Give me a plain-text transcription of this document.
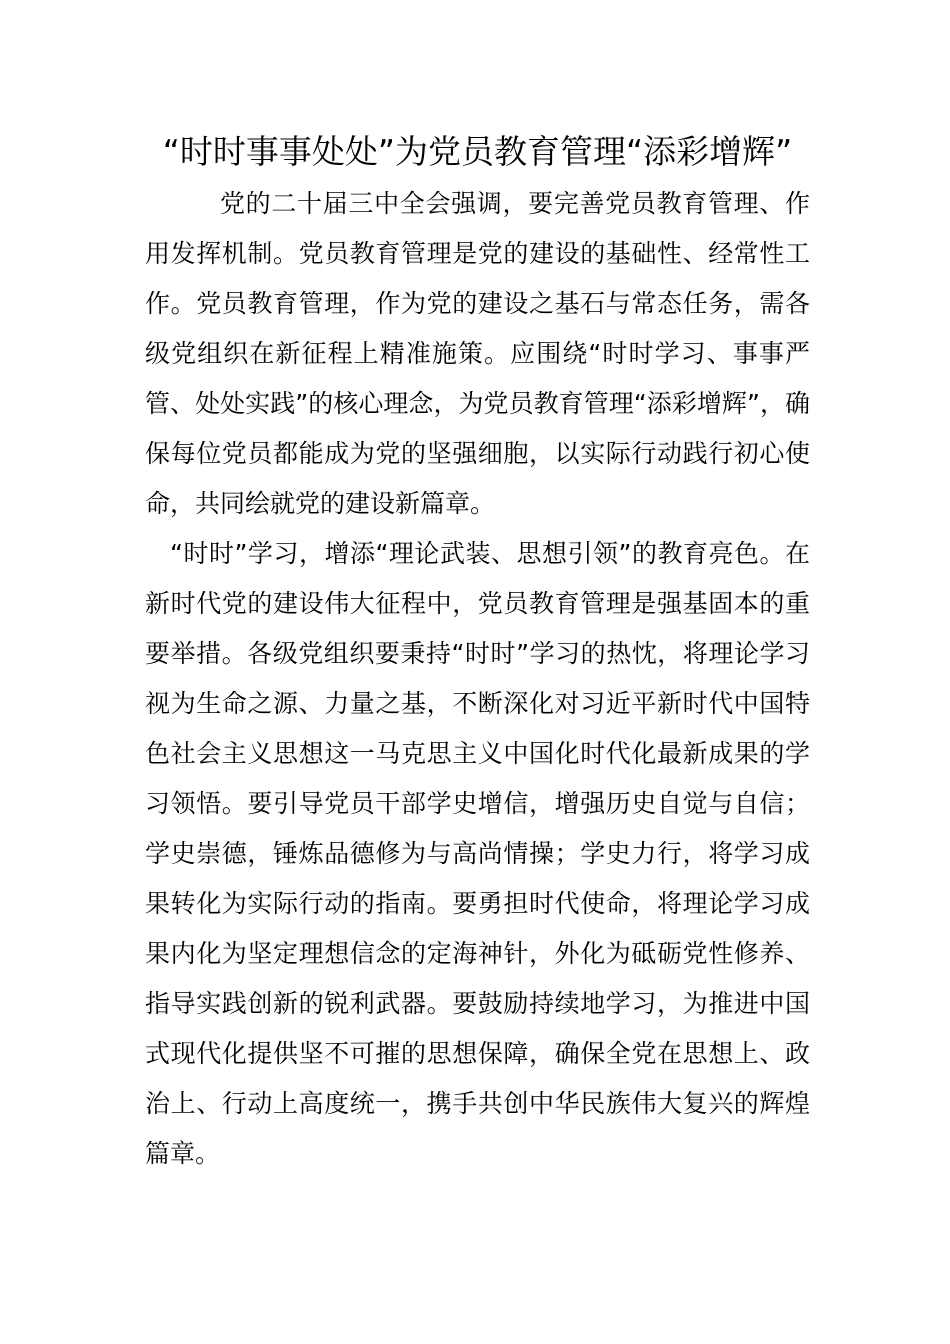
“时时事事处处”为党员教育管理“添彩增辉”

党的二十届三中全会强调，要完善党员教育管理、作用发挥机制。党员教育管理是党的建设的基础性、经常性工作。党员教育管理，作为党的建设之基石与常态任务，需各级党组织在新征程上精准施策。应围绕“时时学习、事事严管、处处实践”的核心理念，为党员教育管理“添彩增辉”，确保每位党员都能成为党的坚强细胞，以实际行动践行初心使命，共同绘就党的建设新篇章。

“时时”学习，增添“理论武装、思想引领”的教育亮色。在新时代党的建设伟大征程中，党员教育管理是强基固本的重要举措。各级党组织要秉持“时时”学习的热忱，将理论学习视为生命之源、力量之基，不断深化对习近平新时代中国特色社会主义思想这一马克思主义中国化时代化最新成果的学习领悟。要引导党员干部学史增信，增强历史自觉与自信；学史崇德，锤炼品德修为与高尚情操；学史力行，将学习成果转化为实际行动的指南。要勇担时代使命，将理论学习成果内化为坚定理想信念的定海神针，外化为砥砺党性修养、指导实践创新的锐利武器。要鼓励持续地学习，为推进中国式现代化提供坚不可摧的思想保障，确保全党在思想上、政治上、行动上高度统一，携手共创中华民族伟大复兴的辉煌篇章。
